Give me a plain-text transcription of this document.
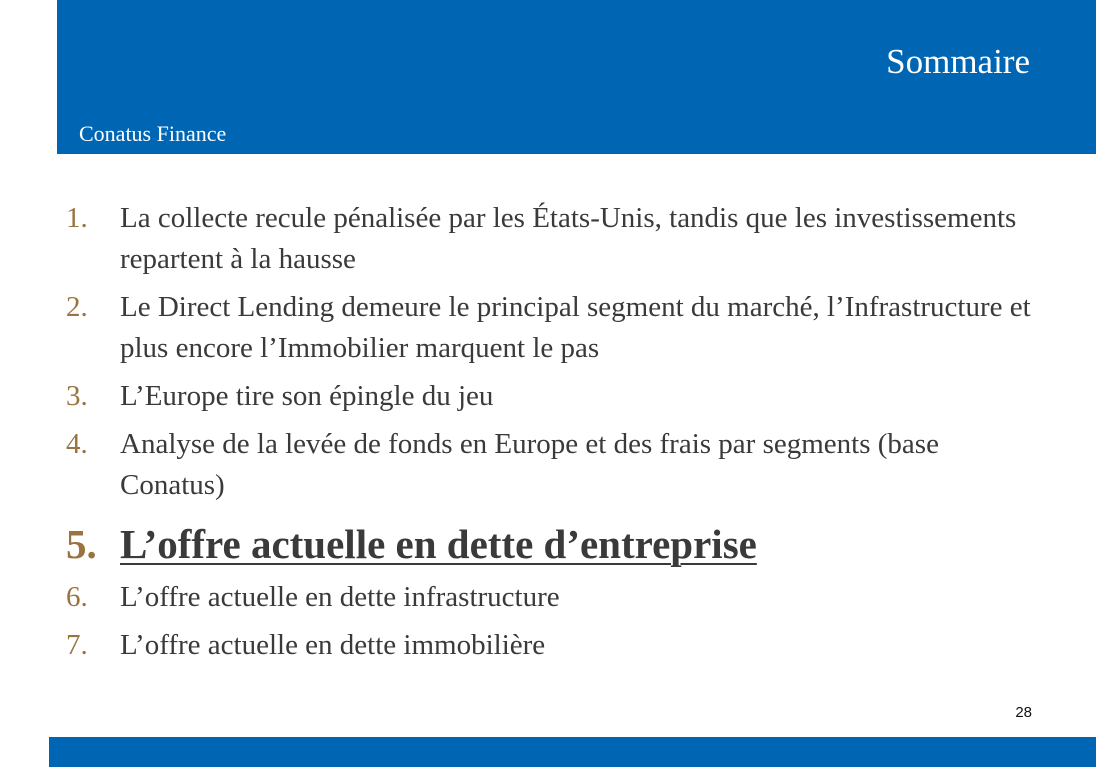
Sommaire
Conatus Finance
1.	La collecte recule pénalisée par les États-Unis, tandis que les investissements repartent à la hausse
2.	Le Direct Lending demeure le principal segment du marché, l’Infrastructure et plus encore l’Immobilier marquent le pas
3.	L’Europe tire son épingle du jeu
4.	Analyse de la levée de fonds en Europe et des frais par segments (base Conatus)
5. L’offre actuelle en dette d’entreprise
6.	L’offre actuelle en dette infrastructure
7.	L’offre actuelle en dette immobilière
28
